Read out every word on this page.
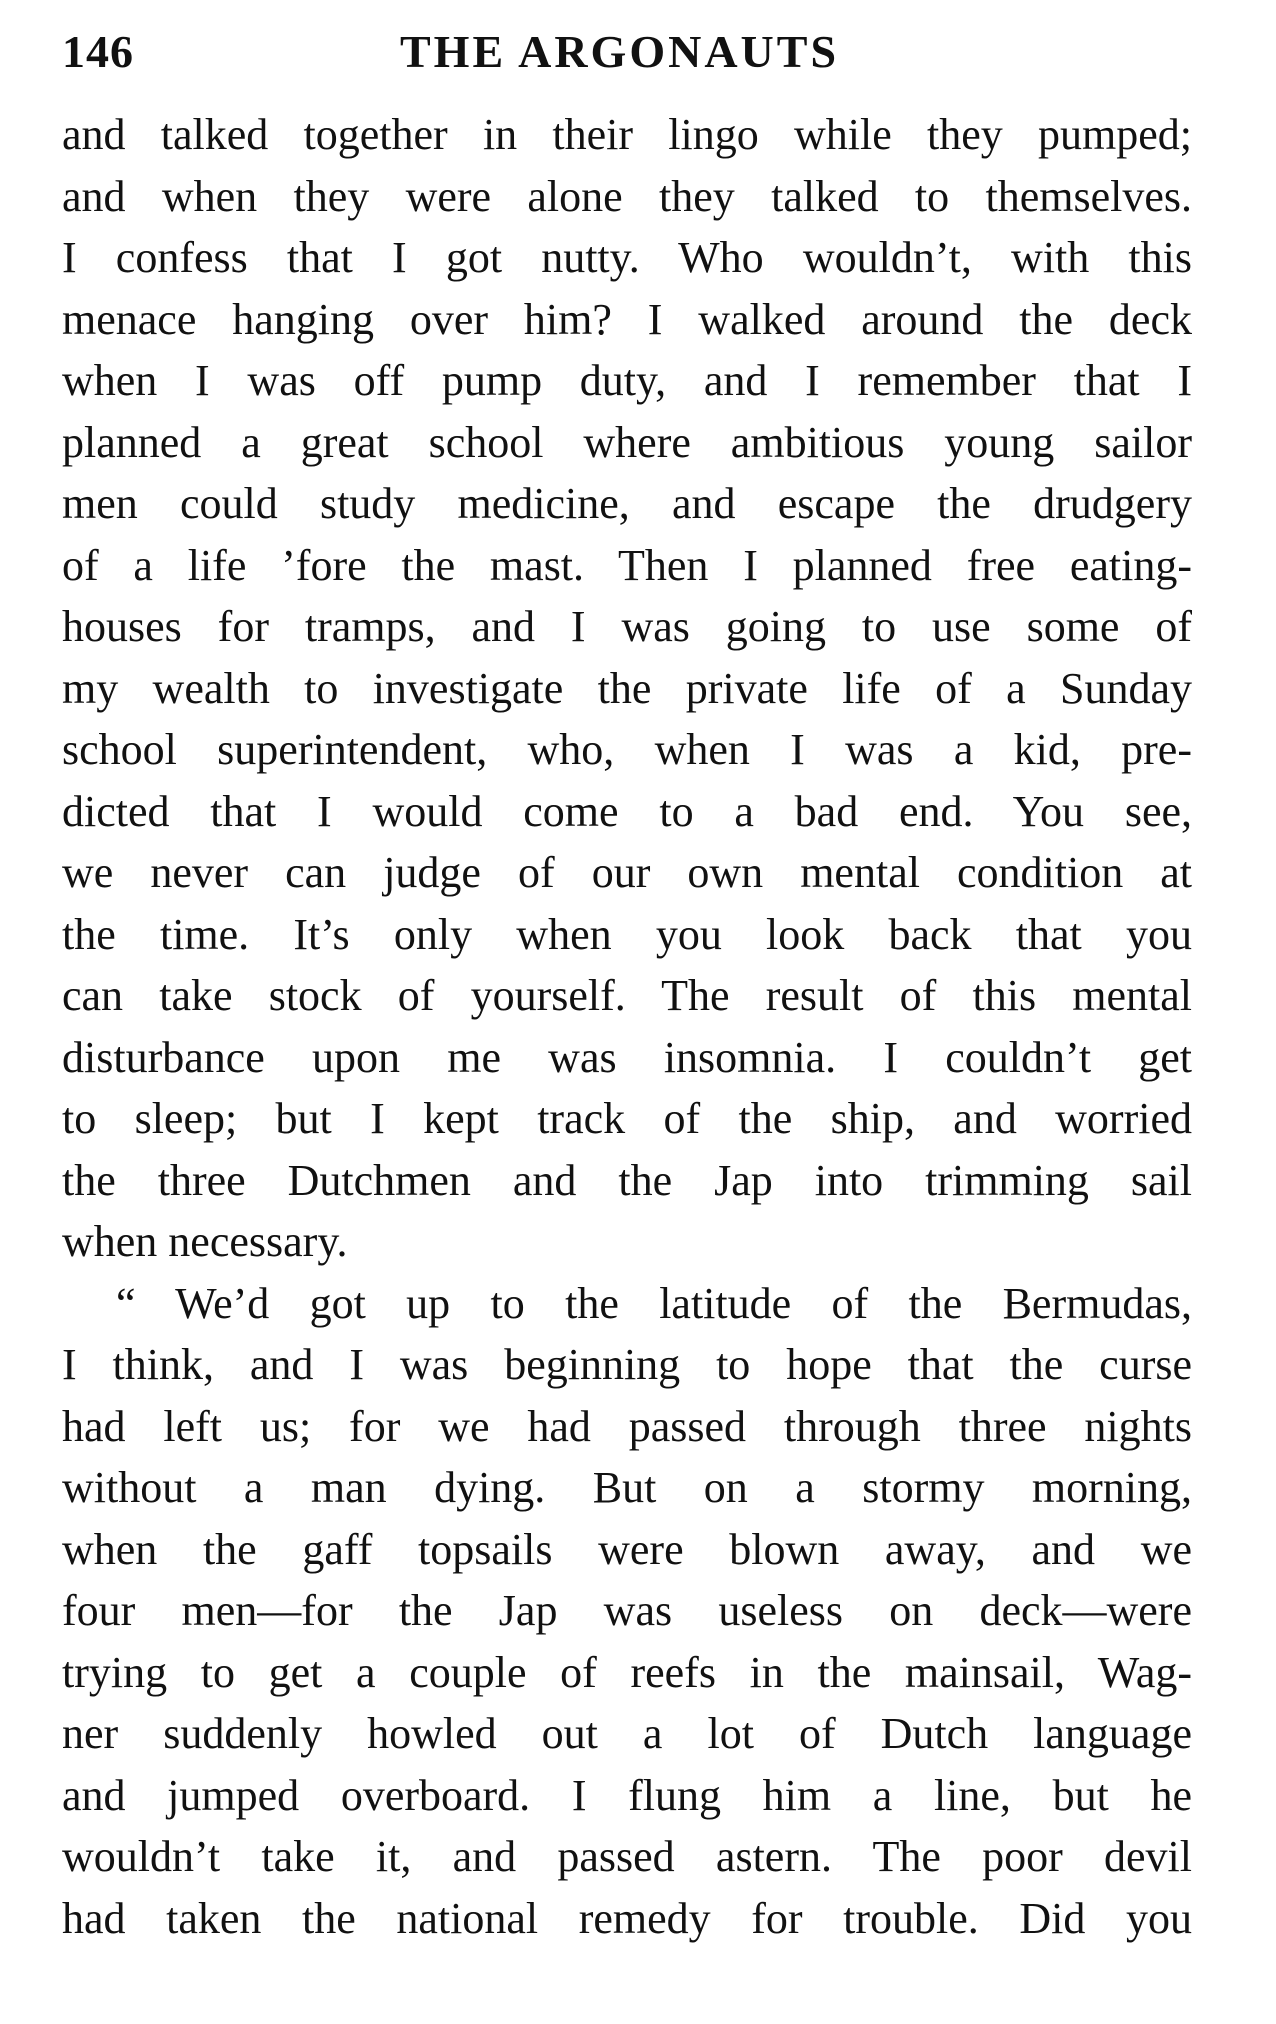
146	THE ARGONAUTS
and talked together in their lingo while they pumped;
and when they were alone they talked to themselves.
I confess that I got nutty. Who wouldn’t, with this
menace hanging over him? I walked around the deck
when I was off pump duty, and I remember that I
planned a great school where ambitious young sailor
men could study medicine, and escape the drudgery
of a life ’fore the mast. Then I planned free eating-
houses for tramps, and I was going to use some of
my wealth to investigate the private life of a Sunday
school superintendent, who, when I was a kid, pre-
dicted that I would come to a bad end. You see,
we never can judge of our own mental condition at
the time. It’s only when you look back that you
can take stock of yourself. The result of this mental
disturbance upon me was insomnia. I couldn’t get
to sleep; but I kept track of the ship, and worried
the three Dutchmen and the Jap into trimming sail
when necessary.
“ We’d got up to the latitude of the Bermudas,
I think, and I was beginning to hope that the curse
had left us; for we had passed through three nights
without a man dying. But on a stormy morning,
when the gaff topsails were blown away, and we
four men—for the Jap was useless on deck—were
trying to get a couple of reefs in the mainsail, Wag-
ner suddenly howled out a lot of Dutch language
and jumped overboard. I flung him a line, but he
wouldn’t take it, and passed astern. The poor devil
had taken the national remedy for trouble. Did you
